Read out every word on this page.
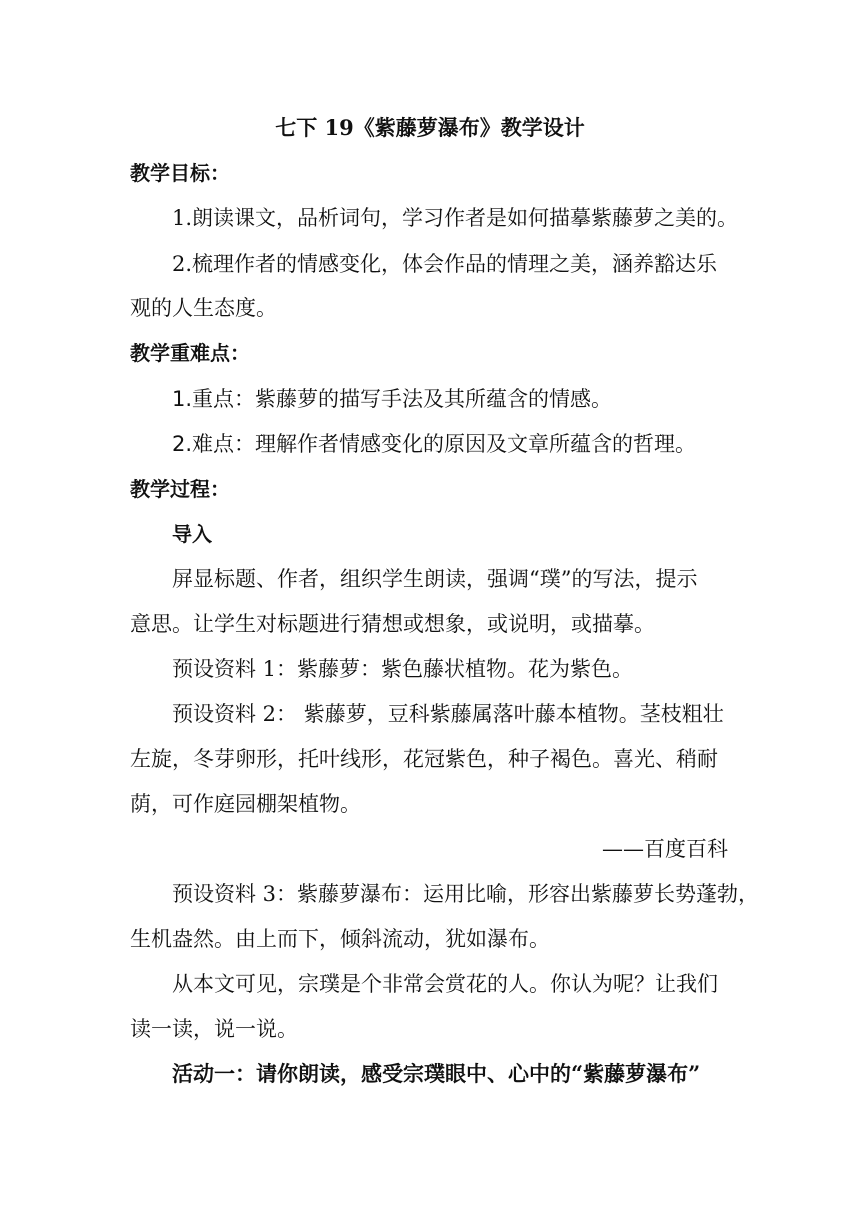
七下 19《紫藤萝瀑布》教学设计
教学目标：
1.朗读课文，品析词句，学习作者是如何描摹紫藤萝之美的。
2.梳理作者的情感变化，体会作品的情理之美，涵养豁达乐
观的人生态度。
教学重难点：
1.重点：紫藤萝的描写手法及其所蕴含的情感。
2.难点：理解作者情感变化的原因及文章所蕴含的哲理。
教学过程：
导入
屏显标题、作者，组织学生朗读，强调“璞”的写法，提示
意思。让学生对标题进行猜想或想象，或说明，或描摹。
预设资料 1：紫藤萝：紫色藤状植物。花为紫色。
预设资料 2： 紫藤萝，豆科紫藤属落叶藤本植物。茎枝粗壮
左旋，冬芽卵形，托叶线形，花冠紫色，种子褐色。喜光、稍耐
荫，可作庭园棚架植物。
——百度百科
预设资料 3：紫藤萝瀑布：运用比喻，形容出紫藤萝长势蓬勃，
生机盎然。由上而下，倾斜流动，犹如瀑布。
从本文可见，宗璞是个非常会赏花的人。你认为呢？让我们
读一读，说一说。
活动一：请你朗读，感受宗璞眼中、心中的“紫藤萝瀑布”
